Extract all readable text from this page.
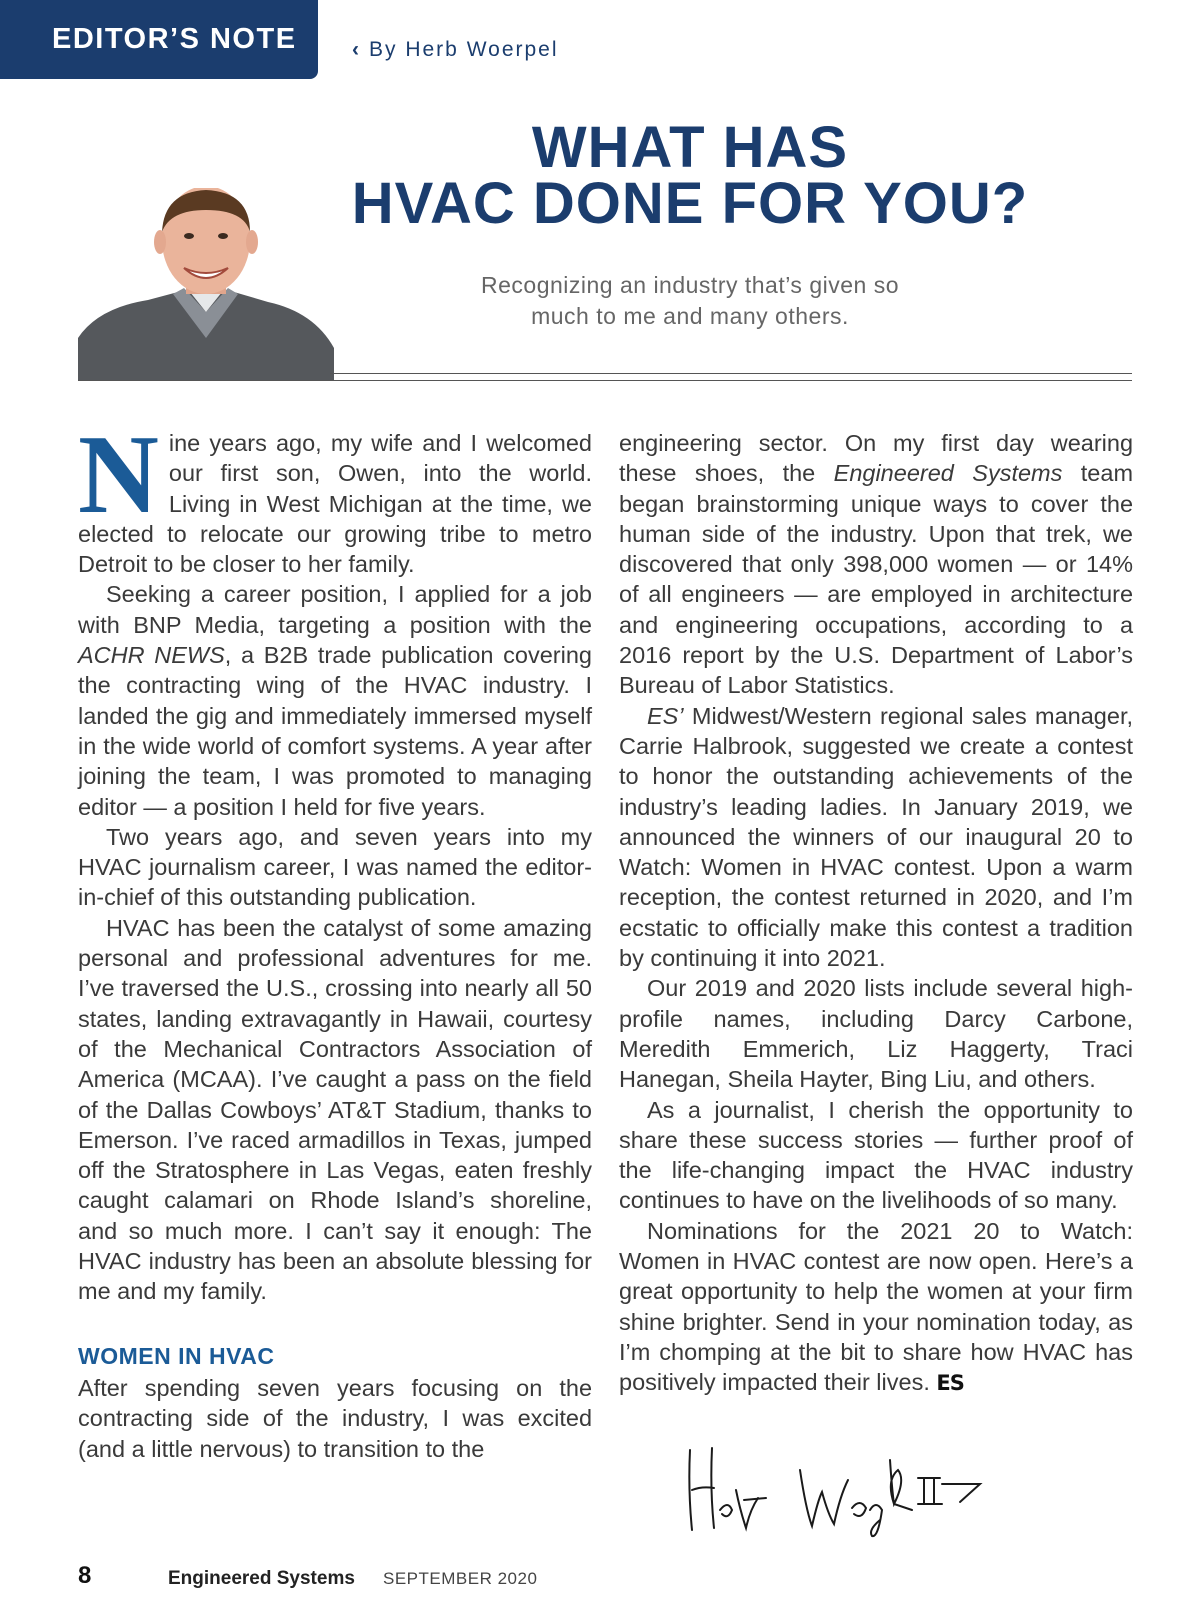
EDITOR’S NOTE	‹ By Herb Woerpel
WHAT HAS
HVAC DONE FOR YOU?
Recognizing an industry that’s given so
much to me and many others.

Nine years ago, my wife and I welcomed our first son, Owen, into the world. Living in West Michigan at the time, we elected to relocate our growing tribe to metro Detroit to be closer to her family.

Seeking a career position, I applied for a job with BNP Media, targeting a position with the ACHR NEWS, a B2B trade publication covering the contracting wing of the HVAC industry. I landed the gig and immediately immersed myself in the wide world of comfort systems. A year after joining the team, I was promoted to managing editor — a position I held for five years.

Two years ago, and seven years into my HVAC journalism career, I was named the editor-in-chief of this outstanding publication.

HVAC has been the catalyst of some amazing personal and professional adventures for me. I’ve traversed the U.S., crossing into nearly all 50 states, landing extravagantly in Hawaii, courtesy of the Mechanical Contractors Association of America (MCAA). I’ve caught a pass on the field of the Dallas Cowboys’ AT&T Stadium, thanks to Emerson. I’ve raced armadillos in Texas, jumped off the Stratosphere in Las Vegas, eaten freshly caught calamari on Rhode Island’s shoreline, and so much more. I can’t say it enough: The HVAC industry has been an absolute blessing for me and my family.

WOMEN IN HVAC

After spending seven years focusing on the contracting side of the industry, I was excited (and a little nervous) to transition to the

engineering sector. On my first day wearing these shoes, the Engineered Systems team began brainstorming unique ways to cover the human side of the industry. Upon that trek, we discovered that only 398,000 women — or 14% of all engineers — are employed in architecture and engineering occupations, according to a 2016 report by the U.S. Department of Labor’s Bureau of Labor Statistics.

ES’ Midwest/Western regional sales manager, Carrie Halbrook, suggested we create a contest to honor the outstanding achievements of the industry’s leading ladies. In January 2019, we announced the winners of our inaugural 20 to Watch: Women in HVAC contest. Upon a warm reception, the contest returned in 2020, and I’m ecstatic to officially make this contest a tradition by continuing it into 2021.

Our 2019 and 2020 lists include several high-profile names, including Darcy Carbone, Meredith Emmerich, Liz Haggerty, Traci Hanegan, Sheila Hayter, Bing Liu, and others.

As a journalist, I cherish the opportunity to share these success stories — further proof of the life-changing impact the HVAC industry continues to have on the livelihoods of so many.

Nominations for the 2021 20 to Watch: Women in HVAC contest are now open. Here’s a great opportunity to help the women at your firm shine brighter. Send in your nomination today, as I’m chomping at the bit to share how HVAC has positively impacted their lives. ES

8	Engineered Systems SEPTEMBER 2020
